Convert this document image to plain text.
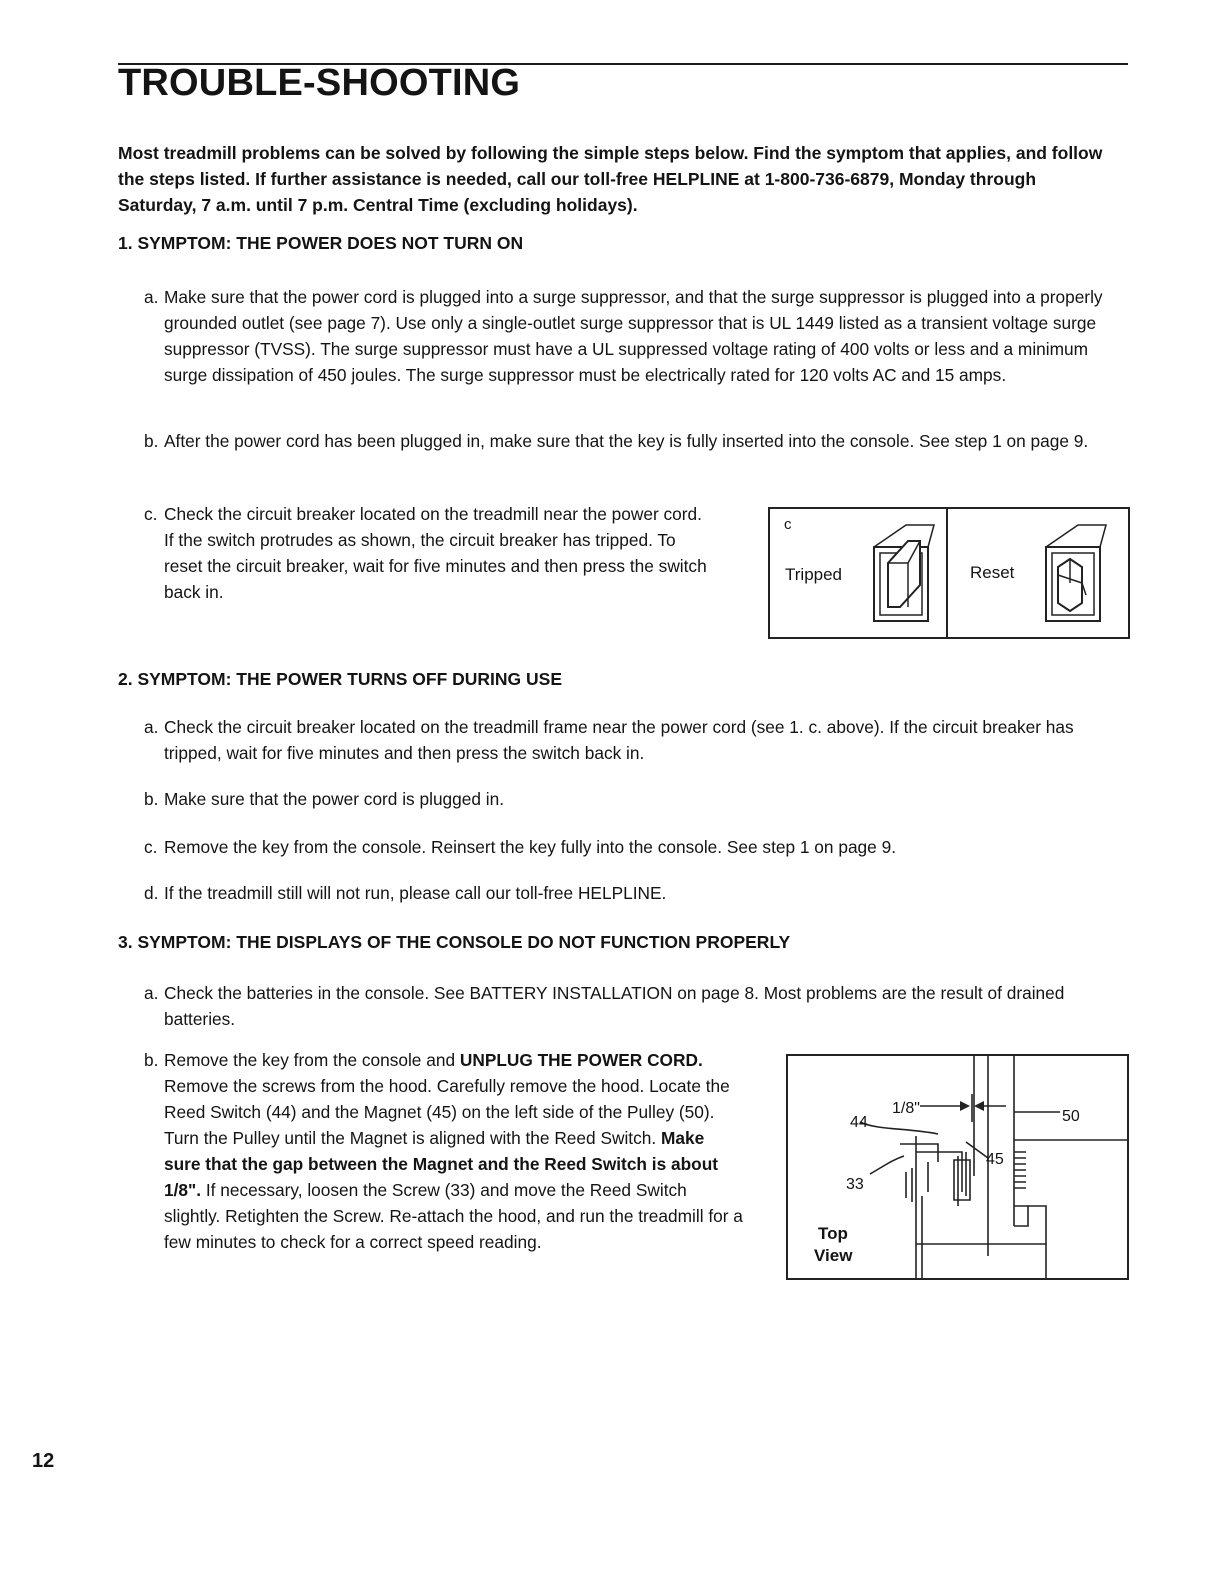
TROUBLE-SHOOTING

Most treadmill problems can be solved by following the simple steps below. Find the symptom that applies, and follow the steps listed. If further assistance is needed, call our toll-free HELPLINE at 1-800-736-6879, Monday through Saturday, 7 a.m. until 7 p.m. Central Time (excluding holidays).

1. SYMPTOM: THE POWER DOES NOT TURN ON

a. Make sure that the power cord is plugged into a surge suppressor, and that the surge suppressor is plugged into a properly grounded outlet (see page 7). Use only a single-outlet surge suppressor that is UL 1449 listed as a transient voltage surge suppressor (TVSS). The surge suppressor must have a UL suppressed voltage rating of 400 volts or less and a minimum surge dissipation of 450 joules. The surge suppressor must be electrically rated for 120 volts AC and 15 amps.
b. After the power cord has been plugged in, make sure that the key is fully inserted into the console. See step 1 on page 9.
c. Check the circuit breaker located on the treadmill near the power cord. If the switch protrudes as shown, the circuit breaker has tripped. To reset the circuit breaker, wait for five minutes and then press the switch back in.
c
Tripped	Reset

2. SYMPTOM: THE POWER TURNS OFF DURING USE

a. Check the circuit breaker located on the treadmill frame near the power cord (see 1. c. above). If the circuit breaker has tripped, wait for five minutes and then press the switch back in.
b. Make sure that the power cord is plugged in.
c. Remove the key from the console. Reinsert the key fully into the console. See step 1 on page 9.
d. If the treadmill still will not run, please call our toll-free HELPLINE.

3. SYMPTOM: THE DISPLAYS OF THE CONSOLE DO NOT FUNCTION PROPERLY

a. Check the batteries in the console. See BATTERY INSTALLATION on page 8. Most problems are the result of drained batteries.
b. Remove the key from the console and UNPLUG THE POWER CORD. Remove the screws from the hood. Carefully remove the hood. Locate the Reed Switch (44) and the Magnet (45) on the left side of the Pulley (50). Turn the Pulley until the Magnet is aligned with the Reed Switch. Make sure that the gap between the Magnet and the Reed Switch is about 1/8". If necessary, loosen the Screw (33) and move the Reed Switch slightly. Retighten the Screw. Re-attach the hood, and run the treadmill for a few minutes to check for a correct speed reading.
1/8"
44	50
45
33
Top
View

12
